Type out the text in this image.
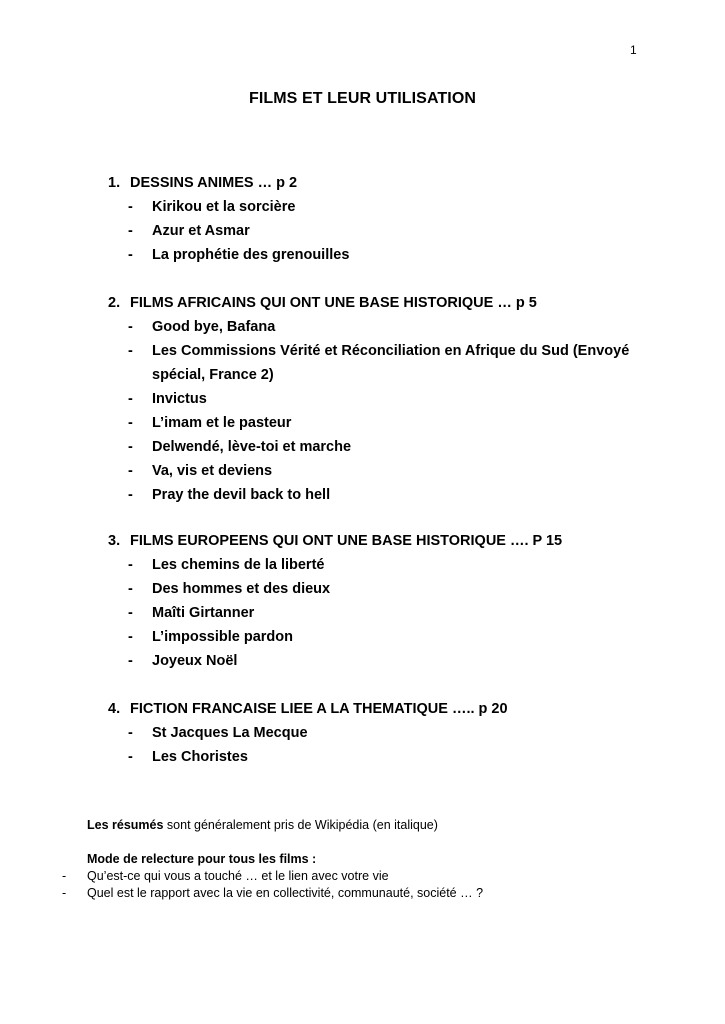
1
FILMS ET LEUR UTILISATION
1. DESSINS ANIMES … p 2
- Kirikou et la sorcière
- Azur et Asmar
- La prophétie des grenouilles
2. FILMS AFRICAINS QUI ONT UNE BASE HISTORIQUE … p 5
- Good bye, Bafana
- Les Commissions Vérité et Réconciliation en Afrique du Sud (Envoyé spécial, France 2)
- Invictus
- L’imam et le pasteur
- Delwendé, lève-toi et marche
- Va, vis et deviens
- Pray the devil back to hell
3. FILMS EUROPEENS QUI ONT UNE BASE HISTORIQUE …. P 15
- Les chemins de la liberté
- Des hommes et des dieux
- Maîti Girtanner
- L’impossible pardon
- Joyeux Noël
4. FICTION FRANCAISE LIEE A LA THEMATIQUE ….. p 20
- St Jacques La Mecque
- Les Choristes
Les résumés sont généralement pris de Wikipédia (en italique)
Mode de relecture pour tous les films :
- Qu’est-ce qui vous a touché … et le lien avec votre vie
- Quel est le rapport avec la vie en collectivité, communauté, société … ?
